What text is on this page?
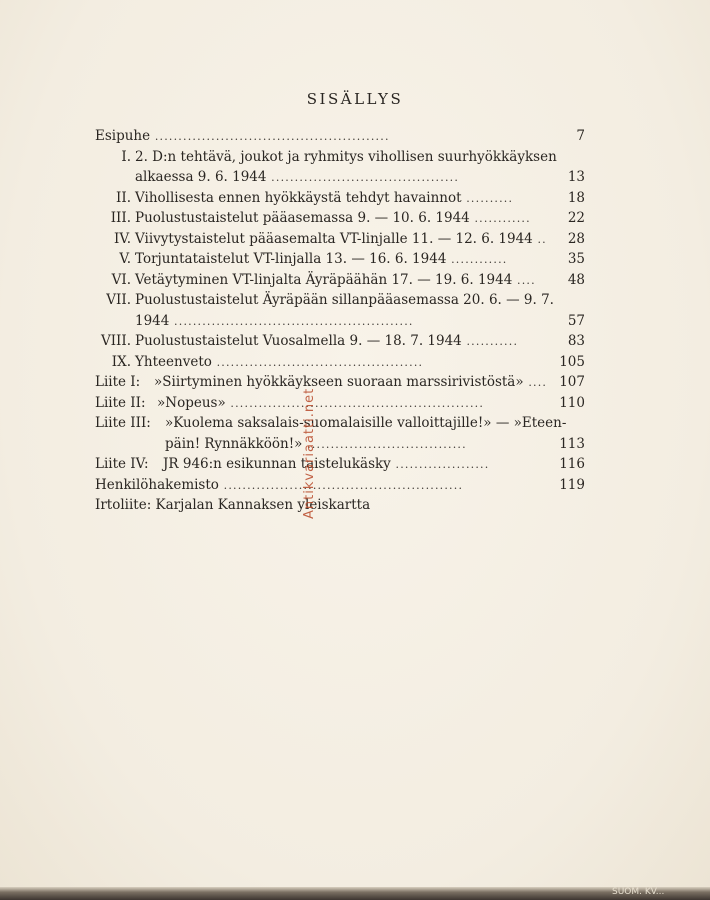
SISÄLLYS
Esipuhe ..................................................	7
I. 2. D:n tehtävä, joukot ja ryhmitys vihollisen suurhyökkäyksen
alkaessa 9. 6. 1944 ........................................	13
II. Vihollisesta ennen hyökkäystä tehdyt havainnot ..........	18
III. Puolustustaistelut pääasemassa 9. — 10. 6. 1944 ............	22
IV. Viivytystaistelut pääasemalta VT-linjalle 11. — 12. 6. 1944 .. 28
V. Torjuntataistelut VT-linjalla 13. — 16. 6. 1944 ............	35
VI. Vetäytyminen VT-linjalta Äyräpäähän 17. — 19. 6. 1944 .... 48
VII. Puolustustaistelut Äyräpään sillanpääasemassa 20. 6. — 9. 7.
1944 ...................................................	57
VIII. Puolustustaistelut Vuosalmella 9. — 18. 7. 1944 ...........	83
IX. Yhteenveto ............................................	105
Liite I: »Siirtyminen hyökkäykseen suoraan marssirivistöstä» .... 107
Liite II: »Nopeus» ......................................................	110
Liite III: »Kuolema saksalais-suomalaisille valloittajille!» — »Eteen-
päin! Rynnäkköön!» ..................................	113
Liite IV: JR 946:n esikunnan taistelukäsky ....................	116
Henkilöhakemisto ...................................................	119
Irtoliite: Karjalan Kannaksen yleiskartta
Antikvariaatti.net
SUOM. KV...
